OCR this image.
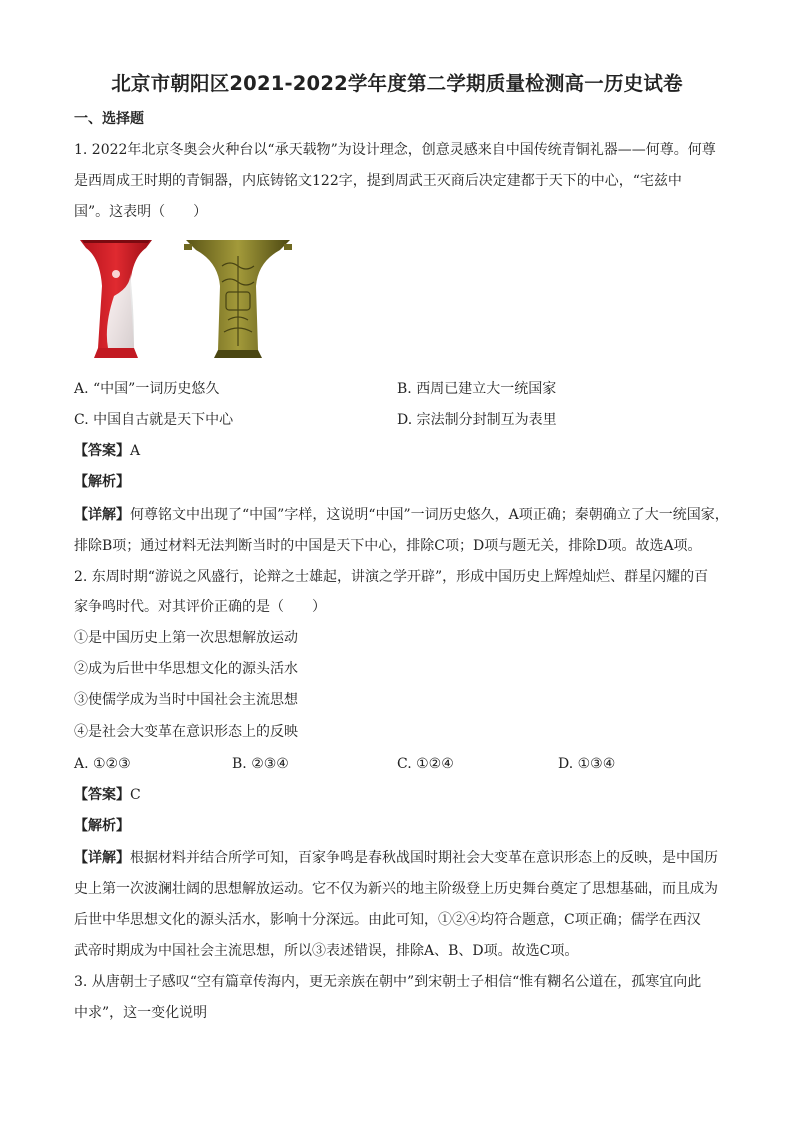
北京市朝阳区2021-2022学年度第二学期质量检测高一历史试卷
一、选择题
1. 2022年北京冬奥会火种台以“承天载物”为设计理念，创意灵感来自中国传统青铜礼器——何尊。何尊
是西周成王时期的青铜器，内底铸铭文122字，提到周武王灭商后决定建都于天下的中心，“宅兹中
国”。这表明（　　）
A. “中国”一词历史悠久	B. 西周已建立大一统国家
C. 中国自古就是天下中心	D. 宗法制分封制互为表里
【答案】A
【解析】
【详解】何尊铭文中出现了“中国”字样，这说明“中国”一词历史悠久，A项正确；秦朝确立了大一统国家，
排除B项；通过材料无法判断当时的中国是天下中心，排除C项；D项与题无关，排除D项。故选A项。
2. 东周时期“游说之风盛行，论辩之士雄起，讲演之学开辟”，形成中国历史上辉煌灿烂、群星闪耀的百
家争鸣时代。对其评价正确的是（　　）
①是中国历史上第一次思想解放运动
②成为后世中华思想文化的源头活水
③使儒学成为当时中国社会主流思想
④是社会大变革在意识形态上的反映
A. ①②③	B. ②③④	C. ①②④	D. ①③④
【答案】C
【解析】
【详解】根据材料并结合所学可知，百家争鸣是春秋战国时期社会大变革在意识形态上的反映，是中国历
史上第一次波澜壮阔的思想解放运动。它不仅为新兴的地主阶级登上历史舞台奠定了思想基础，而且成为
后世中华思想文化的源头活水，影响十分深远。由此可知，①②④均符合题意，C项正确；儒学在西汉
武帝时期成为中国社会主流思想，所以③表述错误，排除A、B、D项。故选C项。
3. 从唐朝士子感叹“空有篇章传海内，更无亲族在朝中”到宋朝士子相信“惟有糊名公道在，孤寒宜向此
中求”，这一变化说明
